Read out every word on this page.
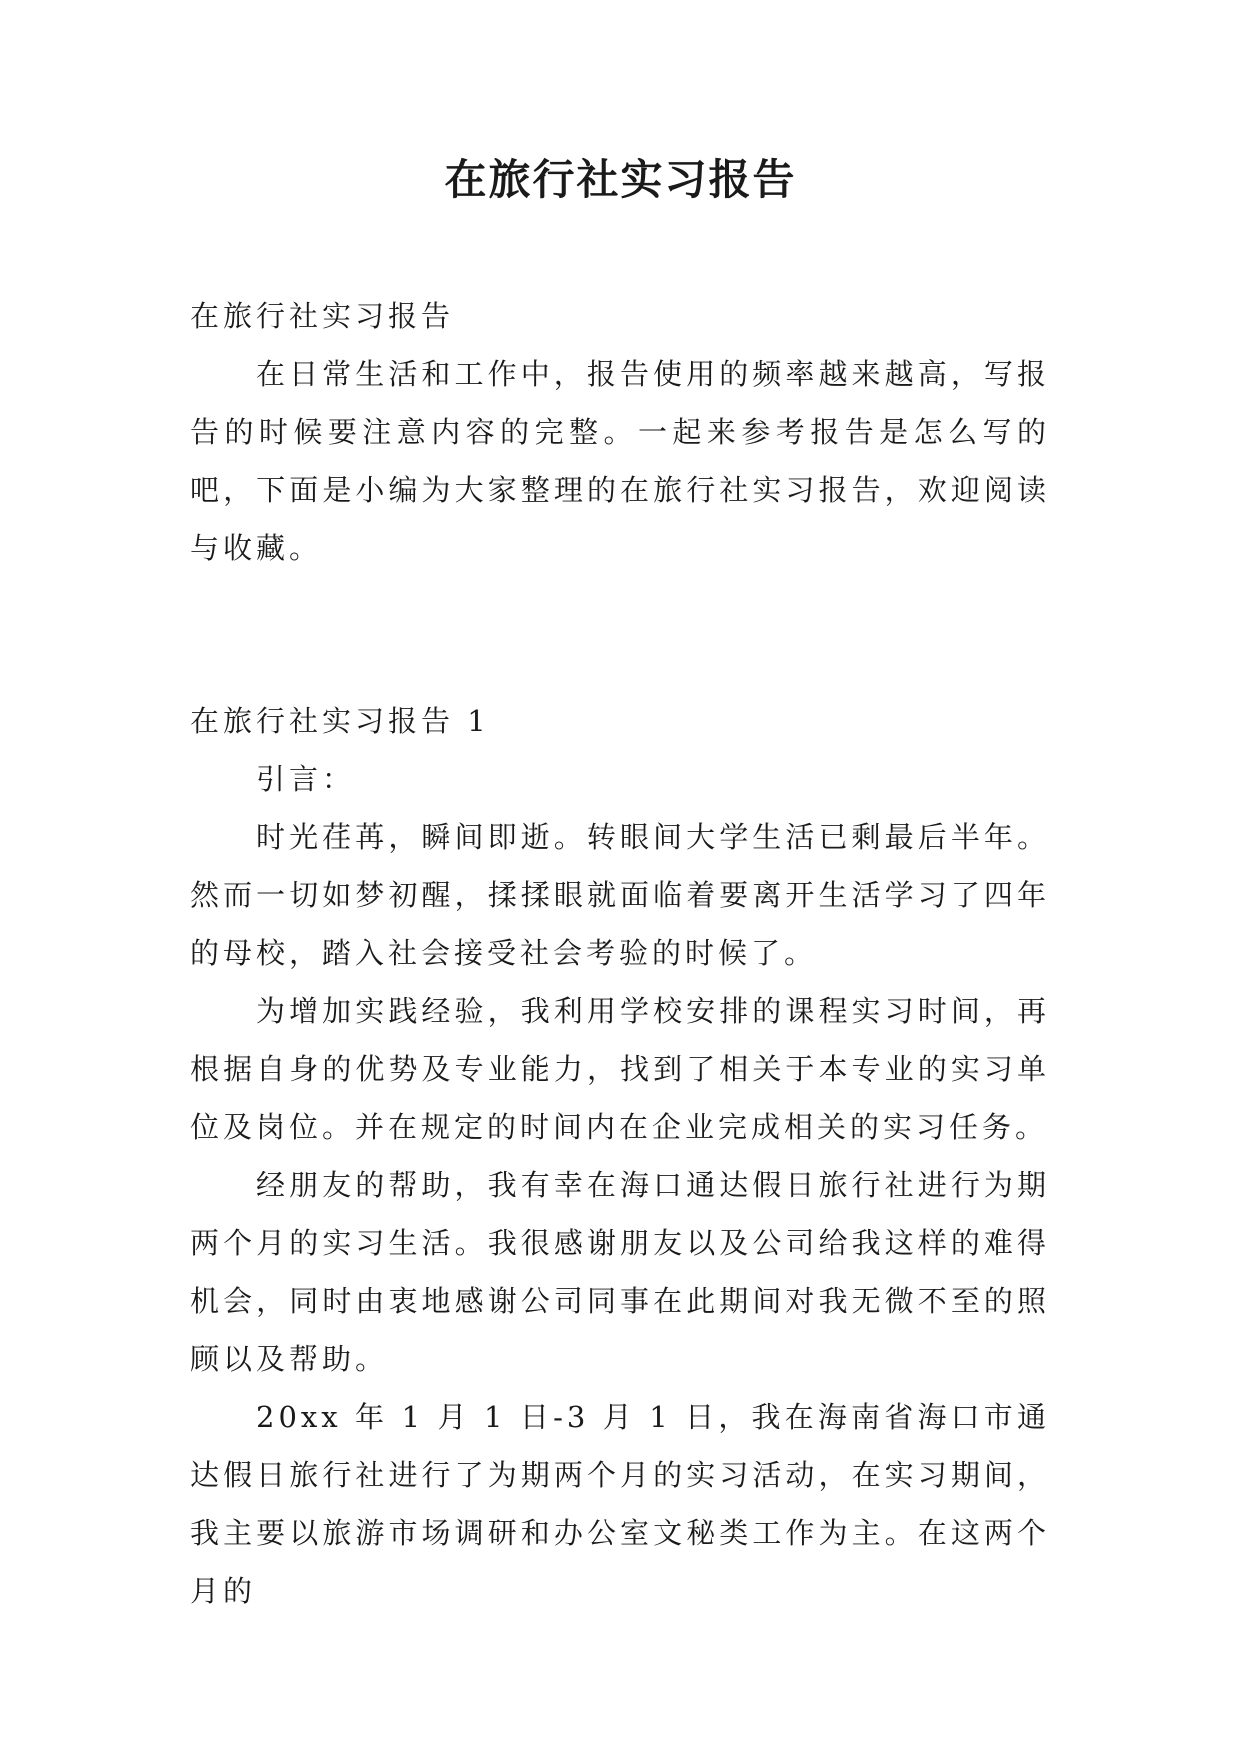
在旅行社实习报告

在旅行社实习报告

在日常生活和工作中，报告使用的频率越来越高，写报告的时候要注意内容的完整。一起来参考报告是怎么写的吧，下面是小编为大家整理的在旅行社实习报告，欢迎阅读与收藏。

在旅行社实习报告 1

引言：

时光荏苒，瞬间即逝。转眼间大学生活已剩最后半年。然而一切如梦初醒，揉揉眼就面临着要离开生活学习了四年的母校，踏入社会接受社会考验的时候了。

为增加实践经验，我利用学校安排的课程实习时间，再根据自身的优势及专业能力，找到了相关于本专业的实习单位及岗位。并在规定的时间内在企业完成相关的实习任务。

经朋友的帮助，我有幸在海口通达假日旅行社进行为期两个月的实习生活。我很感谢朋友以及公司给我这样的难得机会，同时由衷地感谢公司同事在此期间对我无微不至的照顾以及帮助。

20xx 年 1 月 1 日-3 月 1 日，我在海南省海口市通达假日旅行社进行了为期两个月的实习活动，在实习期间，我主要以旅游市场调研和办公室文秘类工作为主。在这两个月的
